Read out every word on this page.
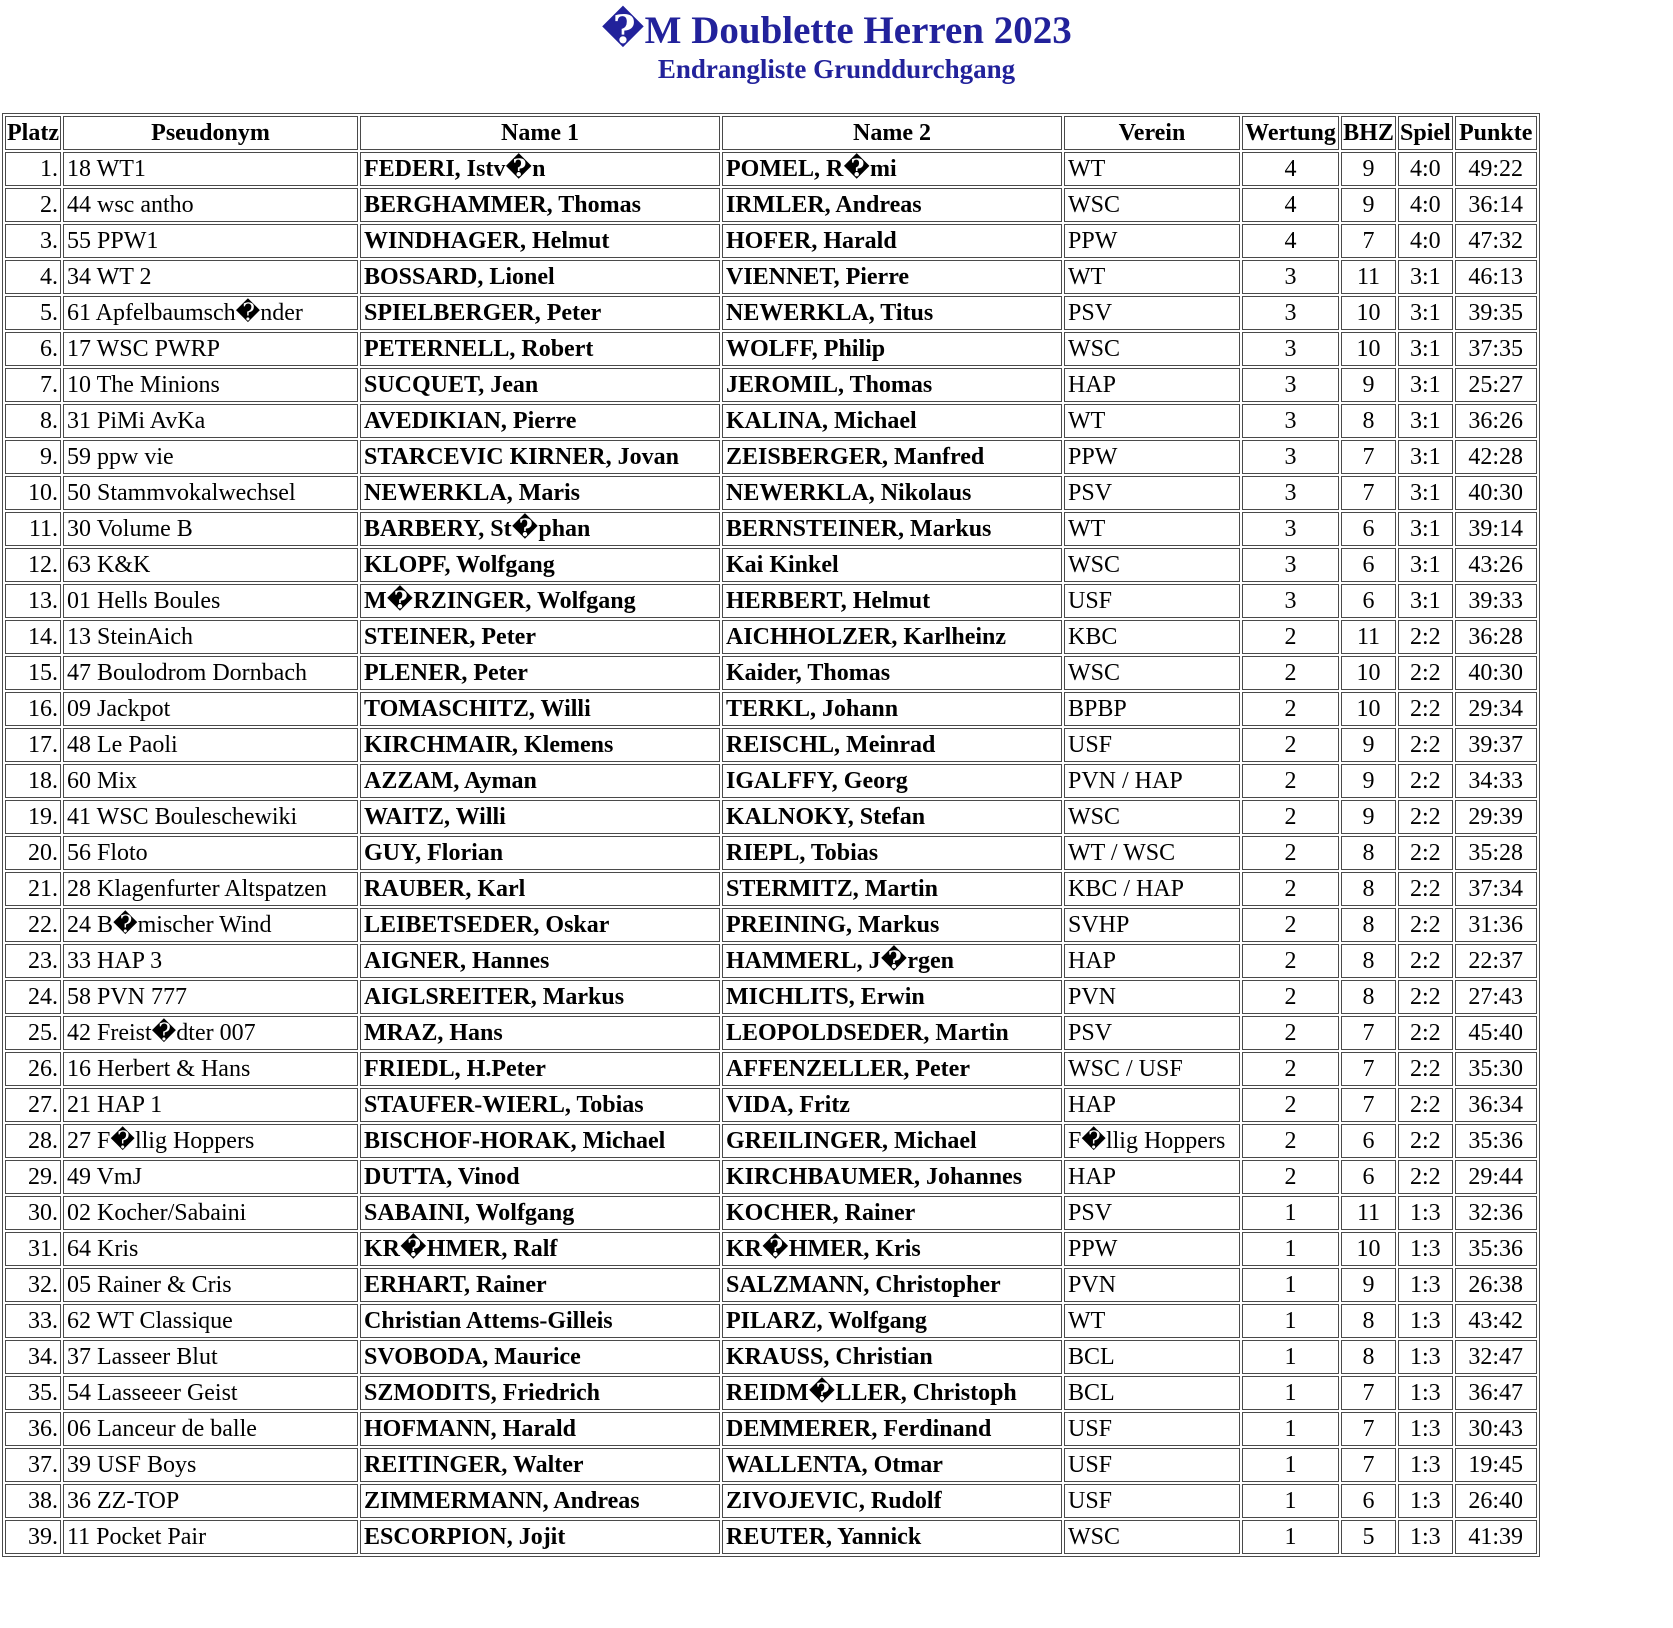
�M Doublette Herren 2023
Endrangliste Grunddurchgang
Platz	Pseudonym	Name 1	Name 2	Verein	Wertung	BHZ	Spiel	Punkte
1.	18 WT1	FEDERI, Istv�n	POMEL, R�mi	WT	4	9	4:0	49:22
2.	44 wsc antho	BERGHAMMER, Thomas	IRMLER, Andreas	WSC	4	9	4:0	36:14
3.	55 PPW1	WINDHAGER, Helmut	HOFER, Harald	PPW	4	7	4:0	47:32
4.	34 WT 2	BOSSARD, Lionel	VIENNET, Pierre	WT	3	11	3:1	46:13
5.	61 Apfelbaumsch�nder	SPIELBERGER, Peter	NEWERKLA, Titus	PSV	3	10	3:1	39:35
6.	17 WSC PWRP	PETERNELL, Robert	WOLFF, Philip	WSC	3	10	3:1	37:35
7.	10 The Minions	SUCQUET, Jean	JEROMIL, Thomas	HAP	3	9	3:1	25:27
8.	31 PiMi AvKa	AVEDIKIAN, Pierre	KALINA, Michael	WT	3	8	3:1	36:26
9.	59 ppw vie	STARCEVIC KIRNER, Jovan	ZEISBERGER, Manfred	PPW	3	7	3:1	42:28
10.	50 Stammvokalwechsel	NEWERKLA, Maris	NEWERKLA, Nikolaus	PSV	3	7	3:1	40:30
11.	30 Volume B	BARBERY, St�phan	BERNSTEINER, Markus	WT	3	6	3:1	39:14
12.	63 K&K	KLOPF, Wolfgang	Kai Kinkel	WSC	3	6	3:1	43:26
13.	01 Hells Boules	M�RZINGER, Wolfgang	HERBERT, Helmut	USF	3	6	3:1	39:33
14.	13 SteinAich	STEINER, Peter	AICHHOLZER, Karlheinz	KBC	2	11	2:2	36:28
15.	47 Boulodrom Dornbach	PLENER, Peter	Kaider, Thomas	WSC	2	10	2:2	40:30
16.	09 Jackpot	TOMASCHITZ, Willi	TERKL, Johann	BPBP	2	10	2:2	29:34
17.	48 Le Paoli	KIRCHMAIR, Klemens	REISCHL, Meinrad	USF	2	9	2:2	39:37
18.	60 Mix	AZZAM, Ayman	IGALFFY, Georg	PVN / HAP	2	9	2:2	34:33
19.	41 WSC Bouleschewiki	WAITZ, Willi	KALNOKY, Stefan	WSC	2	9	2:2	29:39
20.	56 Floto	GUY, Florian	RIEPL, Tobias	WT / WSC	2	8	2:2	35:28
21.	28 Klagenfurter Altspatzen	RAUBER, Karl	STERMITZ, Martin	KBC / HAP	2	8	2:2	37:34
22.	24 B�mischer Wind	LEIBETSEDER, Oskar	PREINING, Markus	SVHP	2	8	2:2	31:36
23.	33 HAP 3	AIGNER, Hannes	HAMMERL, J�rgen	HAP	2	8	2:2	22:37
24.	58 PVN 777	AIGLSREITER, Markus	MICHLITS, Erwin	PVN	2	8	2:2	27:43
25.	42 Freist�dter 007	MRAZ, Hans	LEOPOLDSEDER, Martin	PSV	2	7	2:2	45:40
26.	16 Herbert & Hans	FRIEDL, H.Peter	AFFENZELLER, Peter	WSC / USF	2	7	2:2	35:30
27.	21 HAP 1	STAUFER-WIERL, Tobias	VIDA, Fritz	HAP	2	7	2:2	36:34
28.	27 F�llig Hoppers	BISCHOF-HORAK, Michael	GREILINGER, Michael	F�llig Hoppers	2	6	2:2	35:36
29.	49 VmJ	DUTTA, Vinod	KIRCHBAUMER, Johannes	HAP	2	6	2:2	29:44
30.	02 Kocher/Sabaini	SABAINI, Wolfgang	KOCHER, Rainer	PSV	1	11	1:3	32:36
31.	64 Kris	KR�HMER, Ralf	KR�HMER, Kris	PPW	1	10	1:3	35:36
32.	05 Rainer & Cris	ERHART, Rainer	SALZMANN, Christopher	PVN	1	9	1:3	26:38
33.	62 WT Classique	Christian Attems-Gilleis	PILARZ, Wolfgang	WT	1	8	1:3	43:42
34.	37 Lasseer Blut	SVOBODA, Maurice	KRAUSS, Christian	BCL	1	8	1:3	32:47
35.	54 Lasseeer Geist	SZMODITS, Friedrich	REIDM�LLER, Christoph	BCL	1	7	1:3	36:47
36.	06 Lanceur de balle	HOFMANN, Harald	DEMMERER, Ferdinand	USF	1	7	1:3	30:43
37.	39 USF Boys	REITINGER, Walter	WALLENTA, Otmar	USF	1	7	1:3	19:45
38.	36 ZZ-TOP	ZIMMERMANN, Andreas	ZIVOJEVIC, Rudolf	USF	1	6	1:3	26:40
39.	11 Pocket Pair	ESCORPION, Jojit	REUTER, Yannick	WSC	1	5	1:3	41:39
